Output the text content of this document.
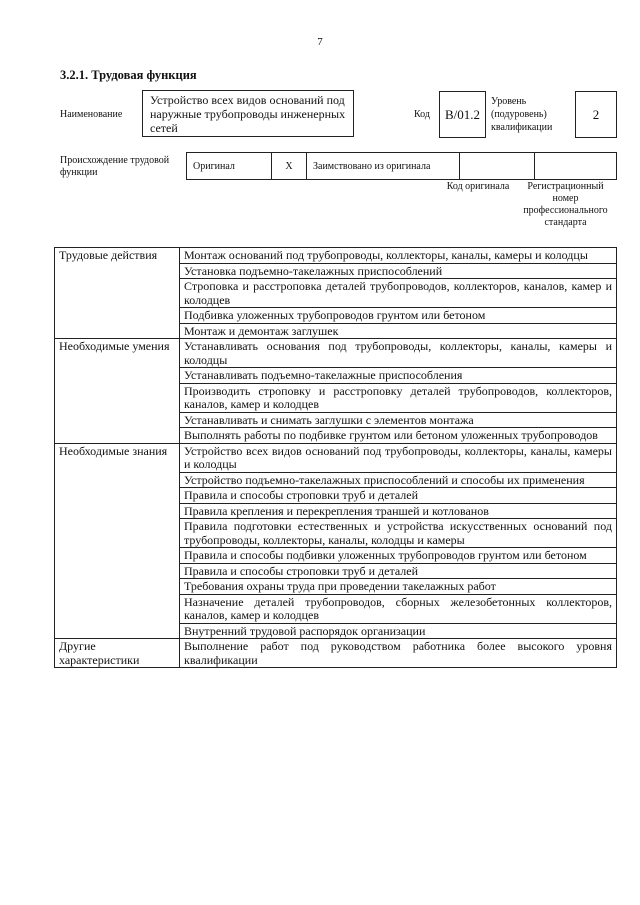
7
3.2.1. Трудовая функция
Наименование
Устройство всех видов оснований под наружные трубопроводы инженерных сетей
Код	В/01.2
Уровень (подуровень) квалификации
2
Происхождение трудовой функции
Оригинал	X	Заимствовано из оригинала		
Код оригинала	Регистрационный номер профессионального стандарта
Трудовые действия	Монтаж оснований под трубопроводы, коллекторы, каналы, камеры и колодцы
	Установка подъемно-такелажных приспособлений
	Строповка и расстроповка деталей трубопроводов, коллекторов, каналов, камер и колодцев
	Подбивка уложенных трубопроводов грунтом или бетоном
	Монтаж и демонтаж заглушек
Необходимые умения	Устанавливать основания под трубопроводы, коллекторы, каналы, камеры и колодцы
	Устанавливать подъемно-такелажные приспособления
	Производить строповку и расстроповку деталей трубопроводов, коллекторов, каналов, камер и колодцев
	Устанавливать и снимать заглушки с элементов монтажа
	Выполнять работы по подбивке грунтом или бетоном уложенных трубопроводов
Необходимые знания	Устройство всех видов оснований под трубопроводы, коллекторы, каналы, камеры и колодцы
	Устройство подъемно-такелажных приспособлений и способы их применения
	Правила и способы строповки труб и деталей
	Правила крепления и перекрепления траншей и котлованов
	Правила подготовки естественных и устройства искусственных оснований под трубопроводы, коллекторы, каналы, колодцы и камеры
	Правила и способы подбивки уложенных трубопроводов грунтом или бетоном
	Правила и способы строповки труб и деталей
	Требования охраны труда при проведении такелажных работ
	Назначение деталей трубопроводов, сборных железобетонных коллекторов, каналов, камер и колодцев
	Внутренний трудовой распорядок организации
Другие характеристики	Выполнение работ под руководством работника более высокого уровня квалификации
